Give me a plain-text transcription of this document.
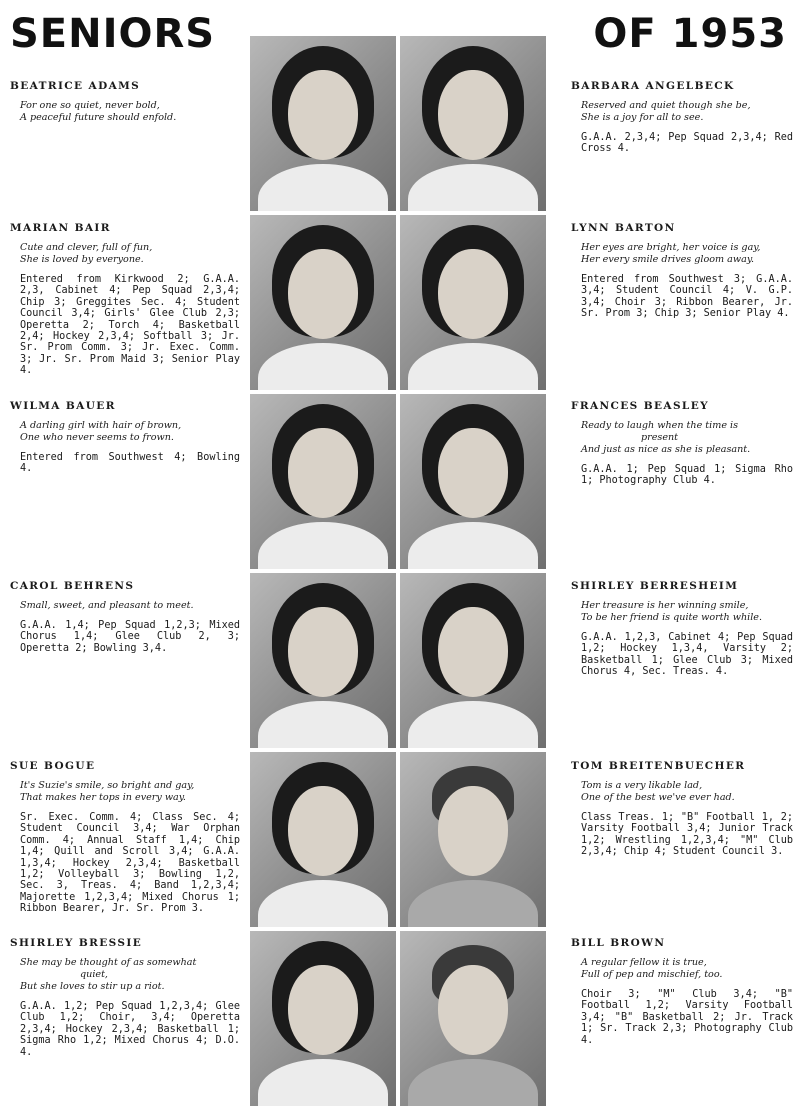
SENIORS	OF 1953
BEATRICE ADAMS
For one so quiet, never bold,
A peaceful future should enfold.
MARIAN BAIR
Cute and clever, full of fun,
She is loved by everyone.
Entered from Kirkwood 2; G.A.A. 2,3, Cabinet 4; Pep Squad 2,3,4; Chip 3; Greggites Sec. 4; Student Council 3,4; Girls' Glee Club 2,3; Operetta 2; Torch 4; Basketball 2,4; Hockey 2,3,4; Softball 3; Jr. Sr. Prom Comm. 3; Jr. Exec. Comm. 3; Jr. Sr. Prom Maid 3; Senior Play 4.
WILMA BAUER
A darling girl with hair of brown,
One who never seems to frown.
Entered from Southwest 4; Bowling 4.
CAROL BEHRENS
Small, sweet, and pleasant to meet.
G.A.A. 1,4; Pep Squad 1,2,3; Mixed Chorus 1,4; Glee Club 2, 3; Operetta 2; Bowling 3,4.
SUE BOGUE
It's Suzie's smile, so bright and gay,
That makes her tops in every way.
Sr. Exec. Comm. 4; Class Sec. 4; Student Council 3,4; War Orphan Comm. 4; Annual Staff 1,4; Chip 1,4; Quill and Scroll 3,4; G.A.A. 1,3,4; Hockey 2,3,4; Basketball 1,2; Volleyball 3; Bowling 1,2, Sec. 3, Treas. 4; Band 1,2,3,4; Majorette 1,2,3,4; Mixed Chorus 1; Ribbon Bearer, Jr. Sr. Prom 3.
SHIRLEY BRESSIE
She may be thought of as somewhat
quiet,
But she loves to stir up a riot.
G.A.A. 1,2; Pep Squad 1,2,3,4; Glee Club 1,2; Choir, 3,4; Operetta 2,3,4; Hockey 2,3,4; Basketball 1; Sigma Rho 1,2; Mixed Chorus 4; D.O. 4.
BARBARA ANGELBECK
Reserved and quiet though she be,
She is a joy for all to see.
G.A.A. 2,3,4; Pep Squad 2,3,4; Red Cross 4.
LYNN BARTON
Her eyes are bright, her voice is gay,
Her every smile drives gloom away.
Entered from Southwest 3; G.A.A. 3,4; Student Council 4; V. G.P. 3,4; Choir 3; Ribbon Bearer, Jr. Sr. Prom 3; Chip 3; Senior Play 4.
FRANCES BEASLEY
Ready to laugh when the time is
present
And just as nice as she is pleasant.
G.A.A. 1; Pep Squad 1; Sigma Rho 1; Photography Club 4.
SHIRLEY BERRESHEIM
Her treasure is her winning smile,
To be her friend is quite worth while.
G.A.A. 1,2,3, Cabinet 4; Pep Squad 1,2; Hockey 1,3,4, Varsity 2; Basketball 1; Glee Club 3; Mixed Chorus 4, Sec. Treas. 4.
TOM BREITENBUECHER
Tom is a very likable lad,
One of the best we've ever had.
Class Treas. 1; "B" Football 1, 2; Varsity Football 3,4; Junior Track 1,2; Wrestling 1,2,3,4; "M" Club 2,3,4; Chip 4; Student Council 3.
BILL BROWN
A regular fellow it is true,
Full of pep and mischief, too.
Choir 3; "M" Club 3,4; "B" Football 1,2; Varsity Football 3,4; "B" Basketball 2; Jr. Track 1; Sr. Track 2,3; Photography Club 4.
